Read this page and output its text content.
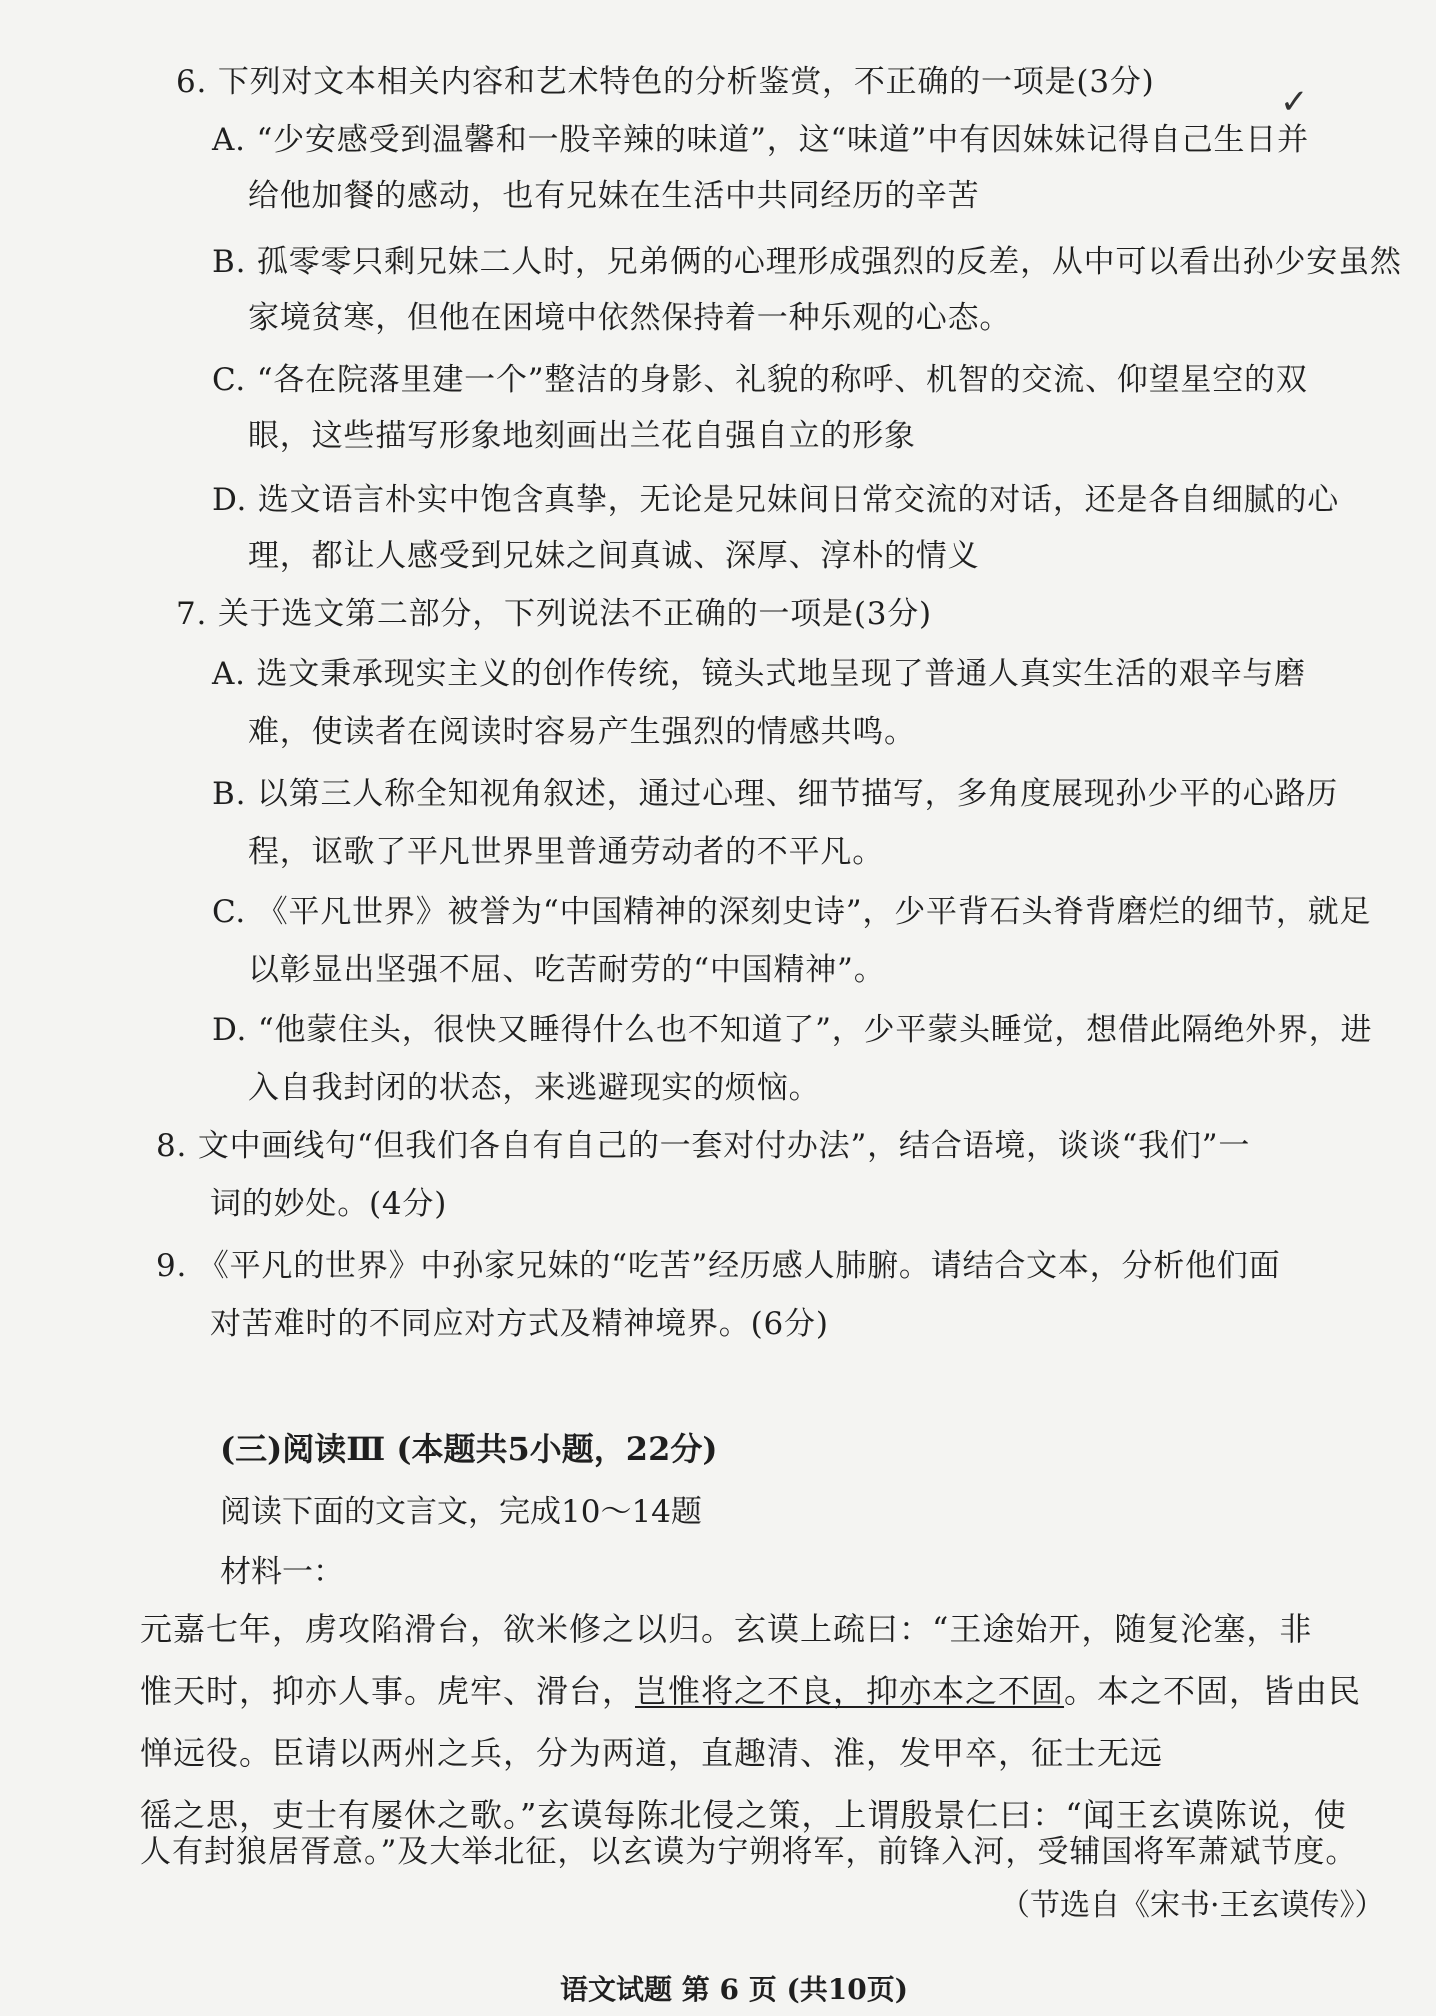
6. 下列对文本相关内容和艺术特色的分析鉴赏，不正确的一项是(3分)	✓
A. “少安感受到温馨和一股辛辣的味道”，这“味道”中有因妹妹记得自己生日并
给他加餐的感动，也有兄妹在生活中共同经历的辛苦
B. 孤零零只剩兄妹二人时，兄弟俩的心理形成强烈的反差，从中可以看出孙少安虽然
家境贫寒，但他在困境中依然保持着一种乐观的心态。
C. “各在院落里建一个”整洁的身影、礼貌的称呼、机智的交流、仰望星空的双
眼，这些描写形象地刻画出兰花自强自立的形象
D. 选文语言朴实中饱含真挚，无论是兄妹间日常交流的对话，还是各自细腻的心
理，都让人感受到兄妹之间真诚、深厚、淳朴的情义
7. 关于选文第二部分，下列说法不正确的一项是(3分)
A. 选文秉承现实主义的创作传统，镜头式地呈现了普通人真实生活的艰辛与磨
难，使读者在阅读时容易产生强烈的情感共鸣。
B. 以第三人称全知视角叙述，通过心理、细节描写，多角度展现孙少平的心路历
程，讴歌了平凡世界里普通劳动者的不平凡。
C. 《平凡世界》被誉为“中国精神的深刻史诗”，少平背石头脊背磨烂的细节，就足
以彰显出坚强不屈、吃苦耐劳的“中国精神”。
D. “他蒙住头，很快又睡得什么也不知道了”，少平蒙头睡觉，想借此隔绝外界，进
入自我封闭的状态，来逃避现实的烦恼。
8. 文中画线句“但我们各自有自己的一套对付办法”，结合语境，谈谈“我们”一
词的妙处。(4分)
9. 《平凡的世界》中孙家兄妹的“吃苦”经历感人肺腑。请结合文本，分析他们面
对苦难时的不同应对方式及精神境界。(6分)
(三)阅读Ⅲ (本题共5小题，22分)
阅读下面的文言文，完成10～14题
材料一：
元嘉七年，虏攻陷滑台，欲米修之以归。玄谟上疏曰：“王途始开，随复沦塞，非
惟天时，抑亦人事。虎牢、滑台，岂惟将之不良，抑亦本之不固。本之不固，皆由民
惮远役。臣请以两州之兵，分为两道，直趣清、淮，发甲卒，征士无远
徭之思，吏士有屡休之歌。”玄谟每陈北侵之策，上谓殷景仁曰：“闻王玄谟陈说，使
人有封狼居胥意。”及大举北征，以玄谟为宁朔将军，前锋入河，受辅国将军萧斌节度。
（节选自《宋书·王玄谟传》）
语文试题 第 6 页 (共10页)
